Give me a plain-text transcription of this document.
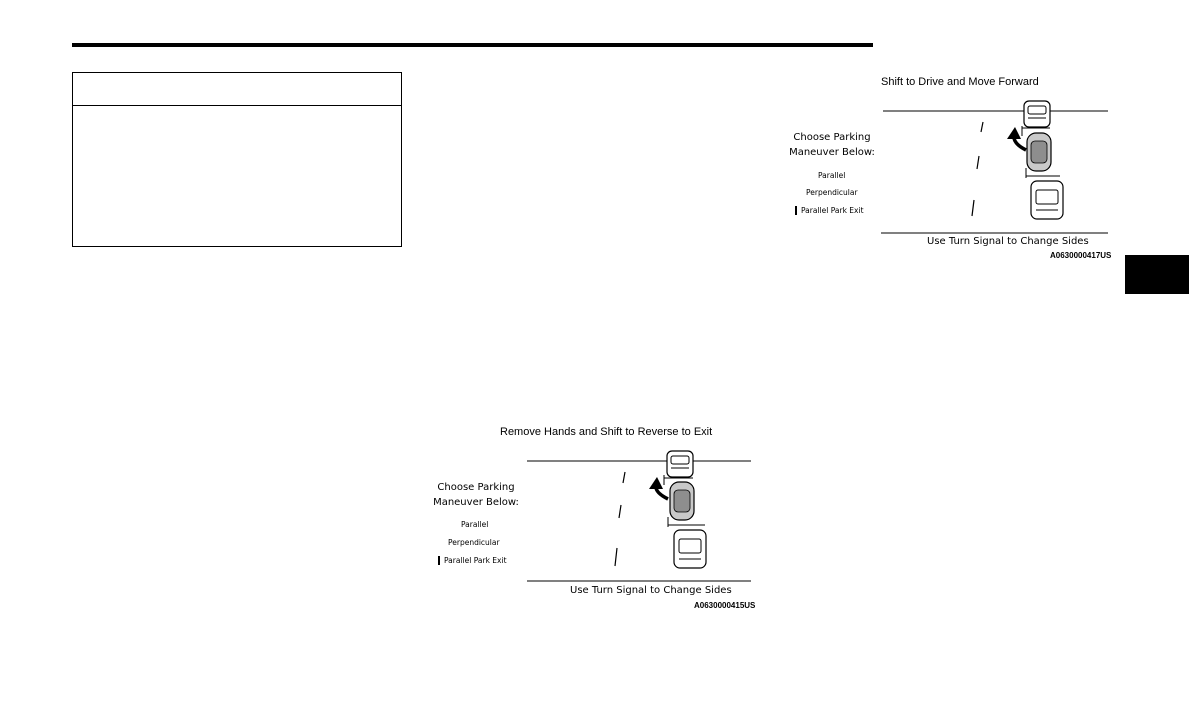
Shift to Drive and Move Forward
Choose Parking
Maneuver Below:
Parallel
Perpendicular
Parallel Park Exit
Use Turn Signal to Change Sides
A0630000417US
Remove Hands and Shift to Reverse to Exit
Choose Parking
Maneuver Below:
Parallel
Perpendicular
Parallel Park Exit
Use Turn Signal to Change Sides
A0630000415US
